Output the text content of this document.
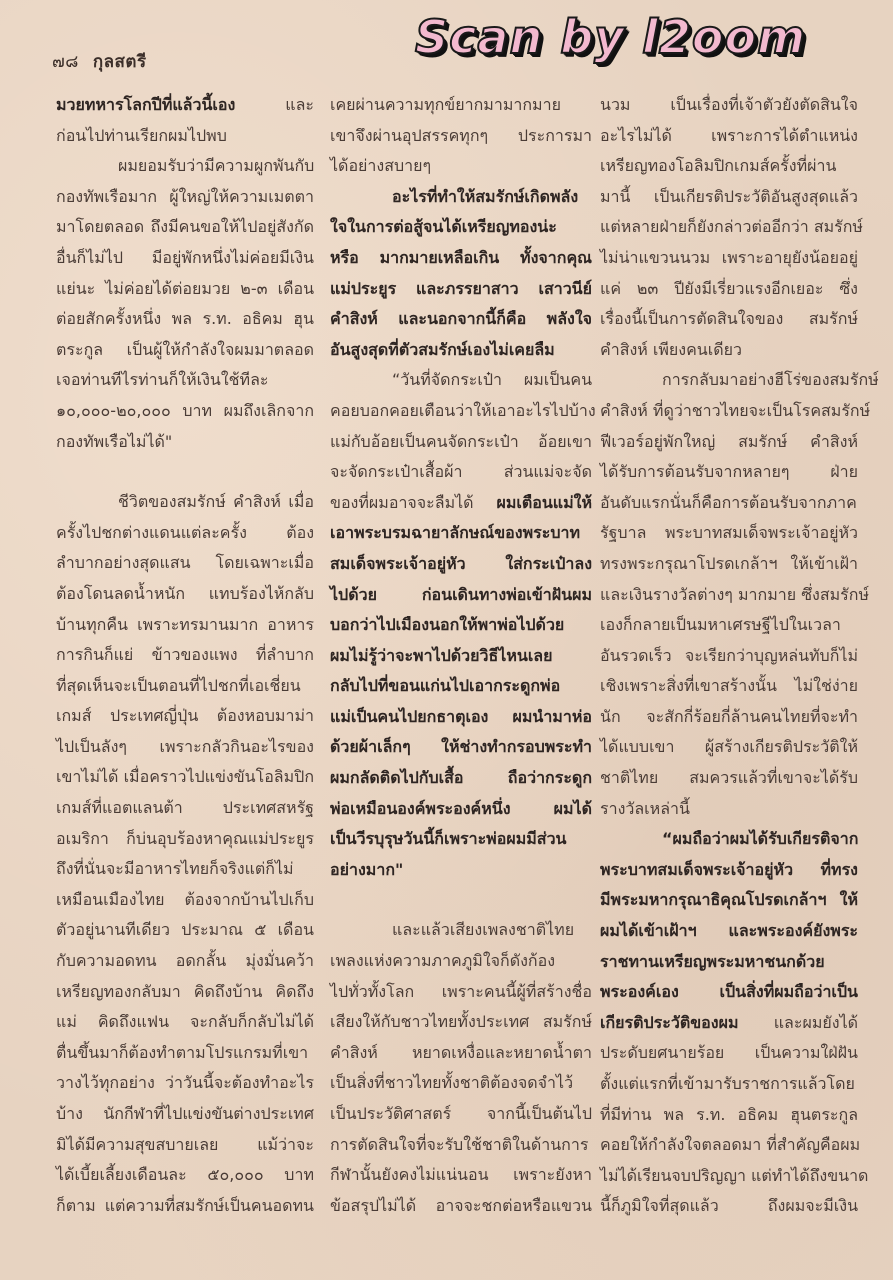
๗๘ กุลสตรี	Scan by l2oom
มวยทหารโลกปีที่แล้วนี้เอง และ
ก่อนไปท่านเรียกผมไปพบ
ผมยอมรับว่ามีความผูกพันกับ
กองทัพเรือมาก ผู้ใหญ่ให้ความเมตตา
มาโดยตลอด ถึงมีคนขอให้ไปอยู่สังกัด
อื่นก็ไม่ไป มีอยู่พักหนึ่งไม่ค่อยมีเงิน
แย่นะ ไม่ค่อยได้ต่อยมวย ๒-๓ เดือน
ต่อยสักครั้งหนึ่ง พล ร.ท. อธิคม ฮุน
ตระกูล เป็นผู้ให้กำลังใจผมมาตลอด
เจอท่านทีไรท่านก็ให้เงินใช้ทีละ
๑๐,๐๐๐-๒๐,๐๐๐ บาท ผมถึงเลิกจาก
กองทัพเรือไม่ได้"
ชีวิตของสมรักษ์ คำสิงห์ เมื่อ
ครั้งไปชกต่างแดนแต่ละครั้ง ต้อง
ลำบากอย่างสุดแสน โดยเฉพาะเมื่อ
ต้องโดนลดน้ำหนัก แทบร้องไห้กลับ
บ้านทุกคืน เพราะทรมานมาก อาหาร
การกินก็แย่ ข้าวของแพง ที่ลำบาก
ที่สุดเห็นจะเป็นตอนที่ไปชกที่เอเชี่ยน
เกมส์ ประเทศญี่ปุ่น ต้องหอบมาม่า
ไปเป็นลังๆ เพราะกลัวกินอะไรของ
เขาไม่ได้ เมื่อคราวไปแข่งขันโอลิมปิก
เกมส์ที่แอตแลนต้า ประเทศสหรัฐ
อเมริกา ก็บ่นอุบร้องหาคุณแม่ประยูร
ถึงที่นั่นจะมีอาหารไทยก็จริงแต่ก็ไม่
เหมือนเมืองไทย ต้องจากบ้านไปเก็บ
ตัวอยู่นานทีเดียว ประมาณ ๕ เดือน
กับความอดทน อดกลั้น มุ่งมั่นคว้า
เหรียญทองกลับมา คิดถึงบ้าน คิดถึง
แม่ คิดถึงแฟน จะกลับก็กลับไม่ได้
ตื่นขึ้นมาก็ต้องทำตามโปรแกรมที่เขา
วางไว้ทุกอย่าง ว่าวันนี้จะต้องทำอะไร
บ้าง นักกีฬาที่ไปแข่งขันต่างประเทศ
มิได้มีความสุขสบายเลย แม้ว่าจะ
ได้เบี้ยเลี้ยงเดือนละ ๕๐,๐๐๐ บาท
ก็ตาม แต่ความที่สมรักษ์เป็นคนอดทน
เคยผ่านความทุกข์ยากมามากมาย
เขาจึงผ่านอุปสรรคทุกๆ ประการมา
ได้อย่างสบายๆ
อะไรที่ทำให้สมรักษ์เกิดพลัง
ใจในการต่อสู้จนได้เหรียญทองน่ะ
หรือ มากมายเหลือเกิน ทั้งจากคุณ
แม่ประยูร และภรรยาสาว เสาวนีย์
คำสิงห์ และนอกจากนี้ก็คือ พลังใจ
อันสูงสุดที่ตัวสมรักษ์เองไม่เคยลืม
“วันที่จัดกระเป๋า ผมเป็นคน
คอยบอกคอยเตือนว่าให้เอาอะไรไปบ้าง
แม่กับอ้อยเป็นคนจัดกระเป๋า อ้อยเขา
จะจัดกระเป๋าเสื้อผ้า ส่วนแม่จะจัด
ของที่ผมอาจจะลืมได้ ผมเตือนแม่ให้
เอาพระบรมฉายาลักษณ์ของพระบาท
สมเด็จพระเจ้าอยู่หัว ใส่กระเป๋าลง
ไปด้วย ก่อนเดินทางพ่อเข้าฝันผม
บอกว่าไปเมืองนอกให้พาพ่อไปด้วย
ผมไม่รู้ว่าจะพาไปด้วยวิธีไหนเลย
กลับไปที่ขอนแก่นไปเอากระดูกพ่อ
แม่เป็นคนไปยกธาตุเอง ผมนำมาห่อ
ด้วยผ้าเล็กๆ ให้ช่างทำกรอบพระทำ
ผมกลัดติดไปกับเสื้อ ถือว่ากระดูก
พ่อเหมือนองค์พระองค์หนึ่ง ผมได้
เป็นวีรบุรุษวันนี้ก็เพราะพ่อผมมีส่วน
อย่างมาก"
และแล้วเสียงเพลงชาติไทย
เพลงแห่งความภาคภูมิใจก็ดังก้อง
ไปทั่วทั้งโลก เพราะคนนี้ผู้ที่สร้างชื่อ
เสียงให้กับชาวไทยทั้งประเทศ สมรักษ์
คำสิงห์ หยาดเหงื่อและหยาดน้ำตา
เป็นสิ่งที่ชาวไทยทั้งชาติต้องจดจำไว้
เป็นประวัติศาสตร์ จากนี้เป็นต้นไป
การตัดสินใจที่จะรับใช้ชาติในด้านการ
กีฬานั้นยังคงไม่แน่นอน เพราะยังหา
ข้อสรุปไม่ได้ อาจจะชกต่อหรือแขวน
นวม เป็นเรื่องที่เจ้าตัวยังตัดสินใจ
อะไรไม่ได้ เพราะการได้ตำแหน่ง
เหรียญทองโอลิมปิกเกมส์ครั้งที่ผ่าน
มานี้ เป็นเกียรติประวัติอันสูงสุดแล้ว
แต่หลายฝ่ายก็ยังกล่าวต่ออีกว่า สมรักษ์
ไม่น่าแขวนนวม เพราะอายุยังน้อยอยู่
แค่ ๒๓ ปียังมีเรี่ยวแรงอีกเยอะ ซึ่ง
เรื่องนี้เป็นการตัดสินใจของ สมรักษ์
คำสิงห์ เพียงคนเดียว
การกลับมาอย่างฮีโร่ของสมรักษ์
คำสิงห์ ที่ดูว่าชาวไทยจะเป็นโรคสมรักษ์
ฟีเวอร์อยู่พักใหญ่ สมรักษ์ คำสิงห์
ได้รับการต้อนรับจากหลายๆ ฝ่าย
อันดับแรกนั่นก็คือการต้อนรับจากภาค
รัฐบาล พระบาทสมเด็จพระเจ้าอยู่หัว
ทรงพระกรุณาโปรดเกล้าฯ ให้เข้าเฝ้า
และเงินรางวัลต่างๆ มากมาย ซึ่งสมรักษ์
เองก็กลายเป็นมหาเศรษฐีไปในเวลา
อันรวดเร็ว จะเรียกว่าบุญหล่นทับก็ไม่
เชิงเพราะสิ่งที่เขาสร้างนั้น ไม่ใช่ง่าย
นัก จะสักกี่ร้อยกี่ล้านคนไทยที่จะทำ
ได้แบบเขา ผู้สร้างเกียรติประวัติให้
ชาติไทย สมควรแล้วที่เขาจะได้รับ
รางวัลเหล่านี้
“ผมถือว่าผมได้รับเกียรติจาก
พระบาทสมเด็จพระเจ้าอยู่หัว ที่ทรง
มีพระมหากรุณาธิคุณโปรดเกล้าฯ ให้
ผมได้เข้าเฝ้าฯ และพระองค์ยังพระ
ราชทานเหรียญพระมหาชนกด้วย
พระองค์เอง เป็นสิ่งที่ผมถือว่าเป็น
เกียรติประวัติของผม และผมยังได้
ประดับยศนายร้อย เป็นความใฝ่ฝัน
ตั้งแต่แรกที่เข้ามารับราชการแล้วโดย
ที่มีท่าน พล ร.ท. อธิคม ฮุนตระกูล
คอยให้กำลังใจตลอดมา ที่สำคัญคือผม
ไม่ได้เรียนจบปริญญา แต่ทำได้ถึงขนาด
นี้ก็ภูมิใจที่สุดแล้ว ถึงผมจะมีเงิน
